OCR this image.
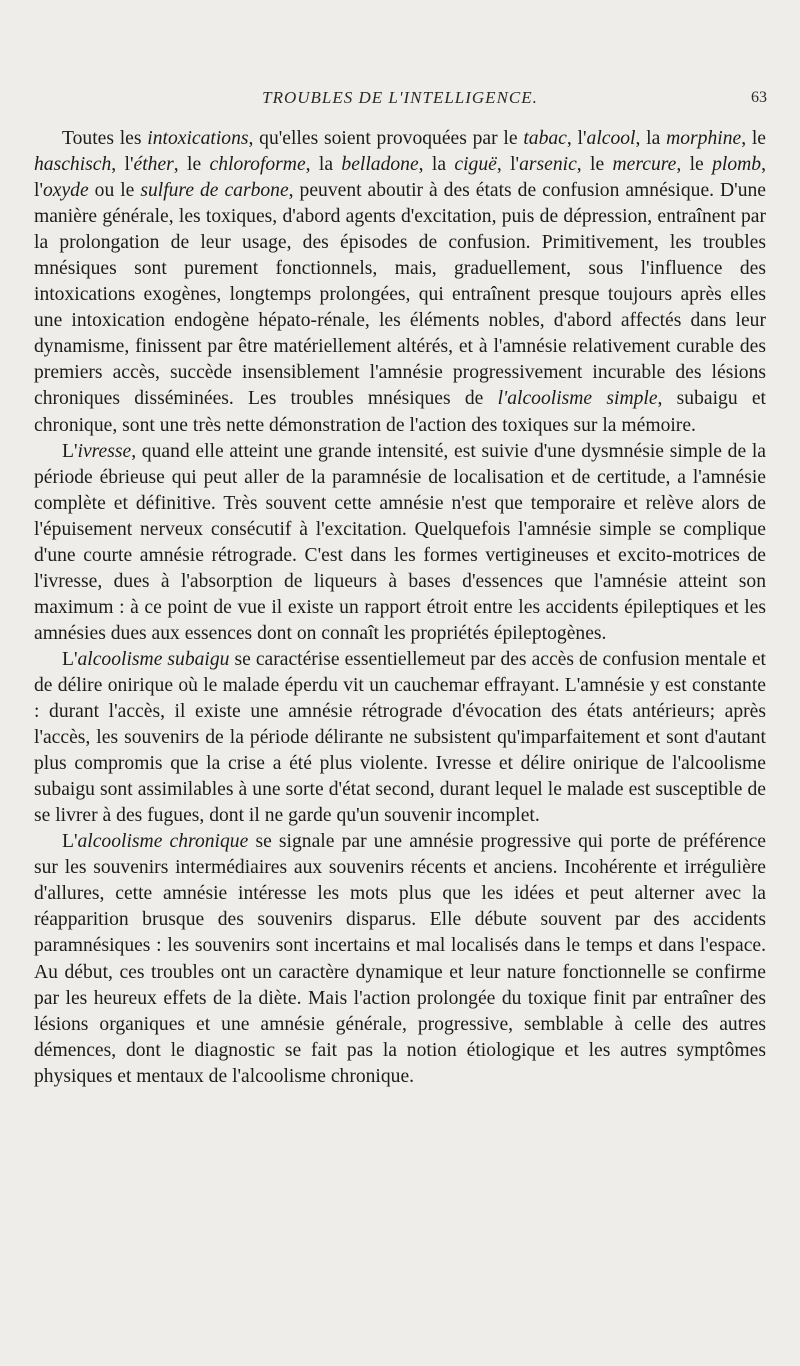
TROUBLES DE L'INTELLIGENCE.	63

Toutes les intoxications, qu'elles soient provoquées par le tabac, l'alcool, la morphine, le haschisch, l'éther, le chloroforme, la belladone, la ciguë, l'arsenic, le mercure, le plomb, l'oxyde ou le sulfure de carbone, peuvent aboutir à des états de confusion amnésique. D'une manière générale, les toxiques, d'abord agents d'excitation, puis de dépression, entraînent par la prolongation de leur usage, des épisodes de confusion. Primitivement, les troubles mnésiques sont purement fonctionnels, mais, graduellement, sous l'influence des intoxications exogènes, longtemps prolongées, qui entraînent presque toujours après elles une intoxication endogène hépato-rénale, les éléments nobles, d'abord affectés dans leur dynamisme, finissent par être matériellement altérés, et à l'amnésie relativement curable des premiers accès, succède insensiblement l'amnésie progressivement incurable des lésions chroniques disséminées. Les troubles mnésiques de l'alcoolisme simple, subaigu et chronique, sont une très nette démonstration de l'action des toxiques sur la mémoire.

L'ivresse, quand elle atteint une grande intensité, est suivie d'une dysmnésie simple de la période ébrieuse qui peut aller de la paramnésie de localisation et de certitude, a l'amnésie complète et définitive. Très souvent cette amnésie n'est que temporaire et relève alors de l'épuisement nerveux consécutif à l'excitation. Quelquefois l'amnésie simple se complique d'une courte amnésie rétrograde. C'est dans les formes vertigineuses et excito-motrices de l'ivresse, dues à l'absorption de liqueurs à bases d'essences que l'amnésie atteint son maximum : à ce point de vue il existe un rapport étroit entre les accidents épileptiques et les amnésies dues aux essences dont on connaît les propriétés épileptogènes.

L'alcoolisme subaigu se caractérise essentiellemeut par des accès de confusion mentale et de délire onirique où le malade éperdu vit un cauchemar effrayant. L'amnésie y est constante : durant l'accès, il existe une amnésie rétrograde d'évocation des états antérieurs; après l'accès, les souvenirs de la période délirante ne subsistent qu'imparfaitement et sont d'autant plus compromis que la crise a été plus violente. Ivresse et délire onirique de l'alcoolisme subaigu sont assimilables à une sorte d'état second, durant lequel le malade est susceptible de se livrer à des fugues, dont il ne garde qu'un souvenir incomplet.

L'alcoolisme chronique se signale par une amnésie progressive qui porte de préférence sur les souvenirs intermédiaires aux souvenirs récents et anciens. Incohérente et irrégulière d'allures, cette amnésie intéresse les mots plus que les idées et peut alterner avec la réapparition brusque des souvenirs disparus. Elle débute souvent par des accidents paramnésiques : les souvenirs sont incertains et mal localisés dans le temps et dans l'espace. Au début, ces troubles ont un caractère dynamique et leur nature fonctionnelle se confirme par les heureux effets de la diète. Mais l'action prolongée du toxique finit par entraîner des lésions organiques et une amnésie générale, progressive, semblable à celle des autres démences, dont le diagnostic se fait pas la notion étiologique et les autres symptômes physiques et mentaux de l'alcoolisme chronique.
